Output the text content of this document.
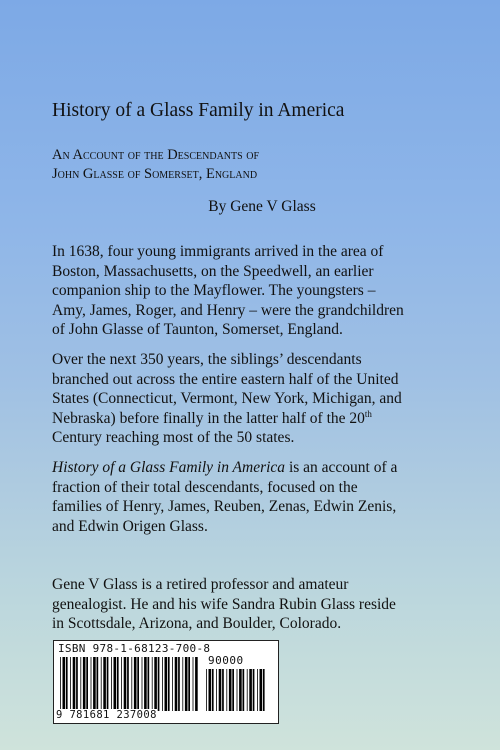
History of a Glass Family in America
An Account of the Descendants of
John Glasse of Somerset, England
By Gene V Glass

In 1638, four young immigrants arrived in the area of
Boston, Massachusetts, on the Speedwell, an earlier
companion ship to the Mayflower. The youngsters –
Amy, James, Roger, and Henry – were the grandchildren
of John Glasse of Taunton, Somerset, England.

Over the next 350 years, the siblings’ descendants
branched out across the entire eastern half of the United
States (Connecticut, Vermont, New York, Michigan, and
Nebraska) before finally in the latter half of the 20th
Century reaching most of the 50 states.

History of a Glass Family in America is an account of a
fraction of their total descendants, focused on the
families of Henry, James, Reuben, Zenas, Edwin Zenis,
and Edwin Origen Glass.

Gene V Glass is a retired professor and amateur
genealogist. He and his wife Sandra Rubin Glass reside
in Scottsdale, Arizona, and Boulder, Colorado.

ISBN 978-1-68123-700-8
90000
9 781681 237008
